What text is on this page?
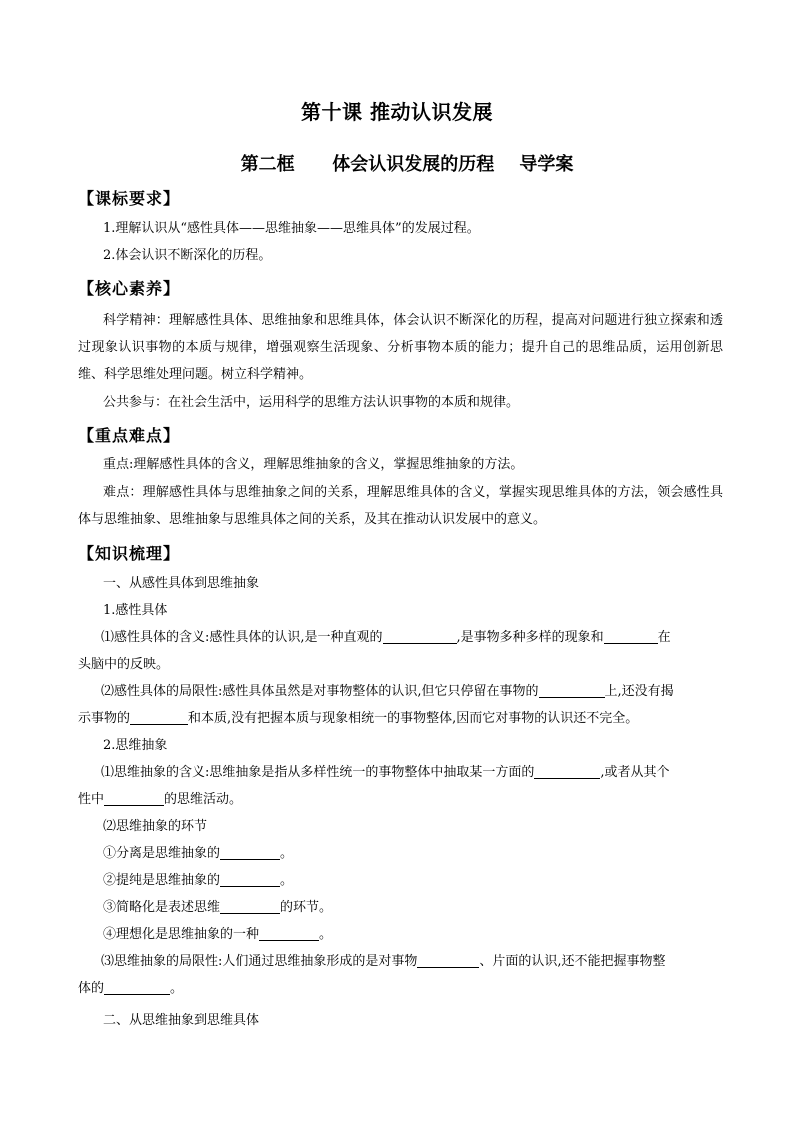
第十课 推动认识发展
第二框      体会认识发展的历程    导学案
【课标要求】
1.理解认识从“感性具体——思维抽象——思维具体”的发展过程。
2.体会认识不断深化的历程。
【核心素养】
科学精神：理解感性具体、思维抽象和思维具体，体会认识不断深化的历程，提高对问题进行独立探索和透过现象认识事物的本质与规律，增强观察生活现象、分析事物本质的能力；提升自己的思维品质，运用创新思维、科学思维处理问题。树立科学精神。
公共参与：在社会生活中，运用科学的思维方法认识事物的本质和规律。
【重点难点】
重点:理解感性具体的含义，理解思维抽象的含义，掌握思维抽象的方法。
难点：理解感性具体与思维抽象之间的关系，理解思维具体的含义，掌握实现思维具体的方法，领会感性具体与思维抽象、思维抽象与思维具体之间的关系，及其在推动认识发展中的意义。
【知识梳理】
一、从感性具体到思维抽象
1.感性具体
⑴感性具体的含义:感性具体的认识,是一种直观的	,是事物多种多样的现象和	在
头脑中的反映。
⑵感性具体的局限性:感性具体虽然是对事物整体的认识,但它只停留在事物的	上,还没有揭
示事物的	和本质,没有把握本质与现象相统一的事物整体,因而它对事物的认识还不完全。
2.思维抽象
⑴思维抽象的含义:思维抽象是指从多样性统一的事物整体中抽取某一方面的	,或者从其个
性中	的思维活动。
⑵思维抽象的环节
①分离是思维抽象的	。
②提纯是思维抽象的	。
③简略化是表述思维	的环节。
④理想化是思维抽象的一种	。
⑶思维抽象的局限性:人们通过思维抽象形成的是对事物	、片面的认识,还不能把握事物整
体的	。
二、从思维抽象到思维具体
